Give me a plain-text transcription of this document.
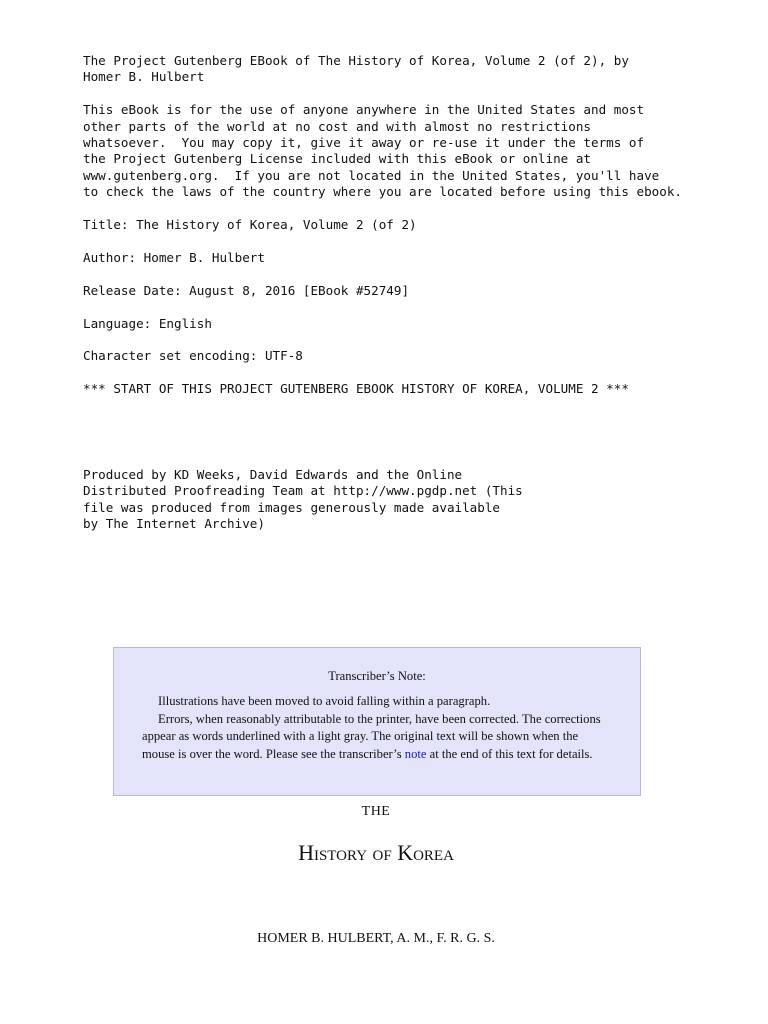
The Project Gutenberg EBook of The History of Korea, Volume 2 (of 2), by
Homer B. Hulbert

This eBook is for the use of anyone anywhere in the United States and most
other parts of the world at no cost and with almost no restrictions
whatsoever.  You may copy it, give it away or re-use it under the terms of
the Project Gutenberg License included with this eBook or online at
www.gutenberg.org.  If you are not located in the United States, you'll have
to check the laws of the country where you are located before using this ebook.

Title: The History of Korea, Volume 2 (of 2)

Author: Homer B. Hulbert

Release Date: August 8, 2016 [EBook #52749]

Language: English

Character set encoding: UTF-8

*** START OF THIS PROJECT GUTENBERG EBOOK HISTORY OF KOREA, VOLUME 2 ***
Produced by KD Weeks, David Edwards and the Online
Distributed Proofreading Team at http://www.pgdp.net (This
file was produced from images generously made available
by The Internet Archive)
Transcriber’s Note:

Illustrations have been moved to avoid falling within a paragraph.

Errors, when reasonably attributable to the printer, have been corrected. The corrections appear as words underlined with a light gray. The original text will be shown when the mouse is over the word. Please see the transcriber’s note at the end of this text for details.

THE
History of Korea
HOMER B. HULBERT, A. M., F. R. G. S.
